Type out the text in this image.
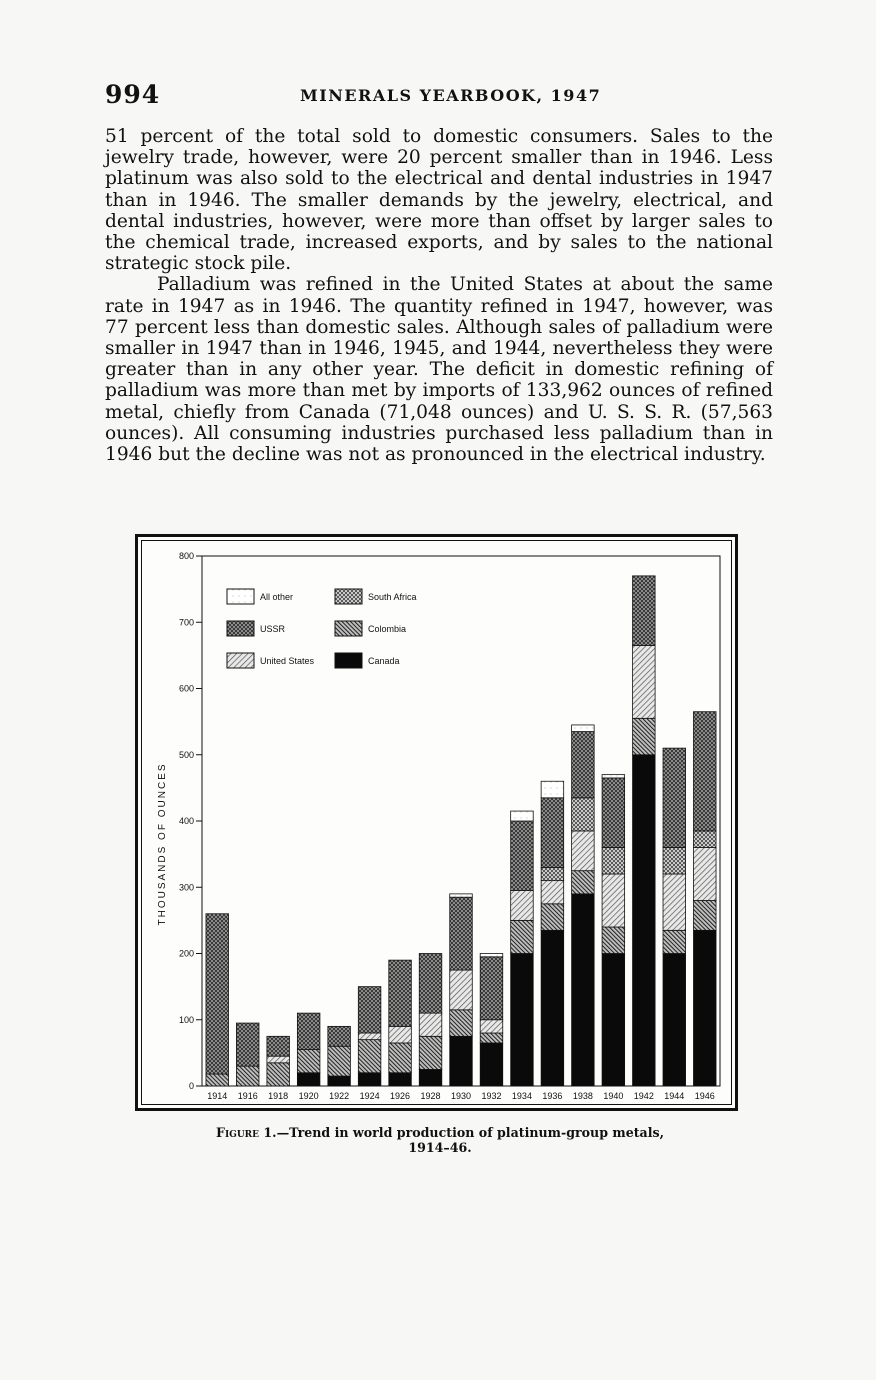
994	MINERALS YEARBOOK, 1947

51 percent of the total sold to domestic consumers. Sales to the jewelry trade, however, were 20 percent smaller than in 1946. Less platinum was also sold to the electrical and dental industries in 1947 than in 1946. The smaller demands by the jewelry, electrical, and dental industries, however, were more than offset by larger sales to the chemical trade, increased exports, and by sales to the national strategic stock pile.

Palladium was refined in the United States at about the same rate in 1947 as in 1946. The quantity refined in 1947, however, was 77 percent less than domestic sales. Although sales of palladium were smaller in 1947 than in 1946, 1945, and 1944, nevertheless they were greater than in any other year. The deficit in domestic refining of palladium was more than met by imports of 133,962 ounces of refined metal, chiefly from Canada (71,048 ounces) and U. S. S. R. (57,563 ounces). All consuming industries purchased less palladium than in 1946 but the decline was not as pronounced in the electrical industry.

0
100
200
300
400
500
600
700
800
1914 1916 1918 1920 1922 1924 1926 1928 1930 1932 1934 1936 1938 1940 1942 1944 1946
THOUSANDS OF OUNCES
All other	South Africa
USSR	Colombia
United States	Canada
Figure 1.—Trend in world production of platinum-group metals, 1914–46.
